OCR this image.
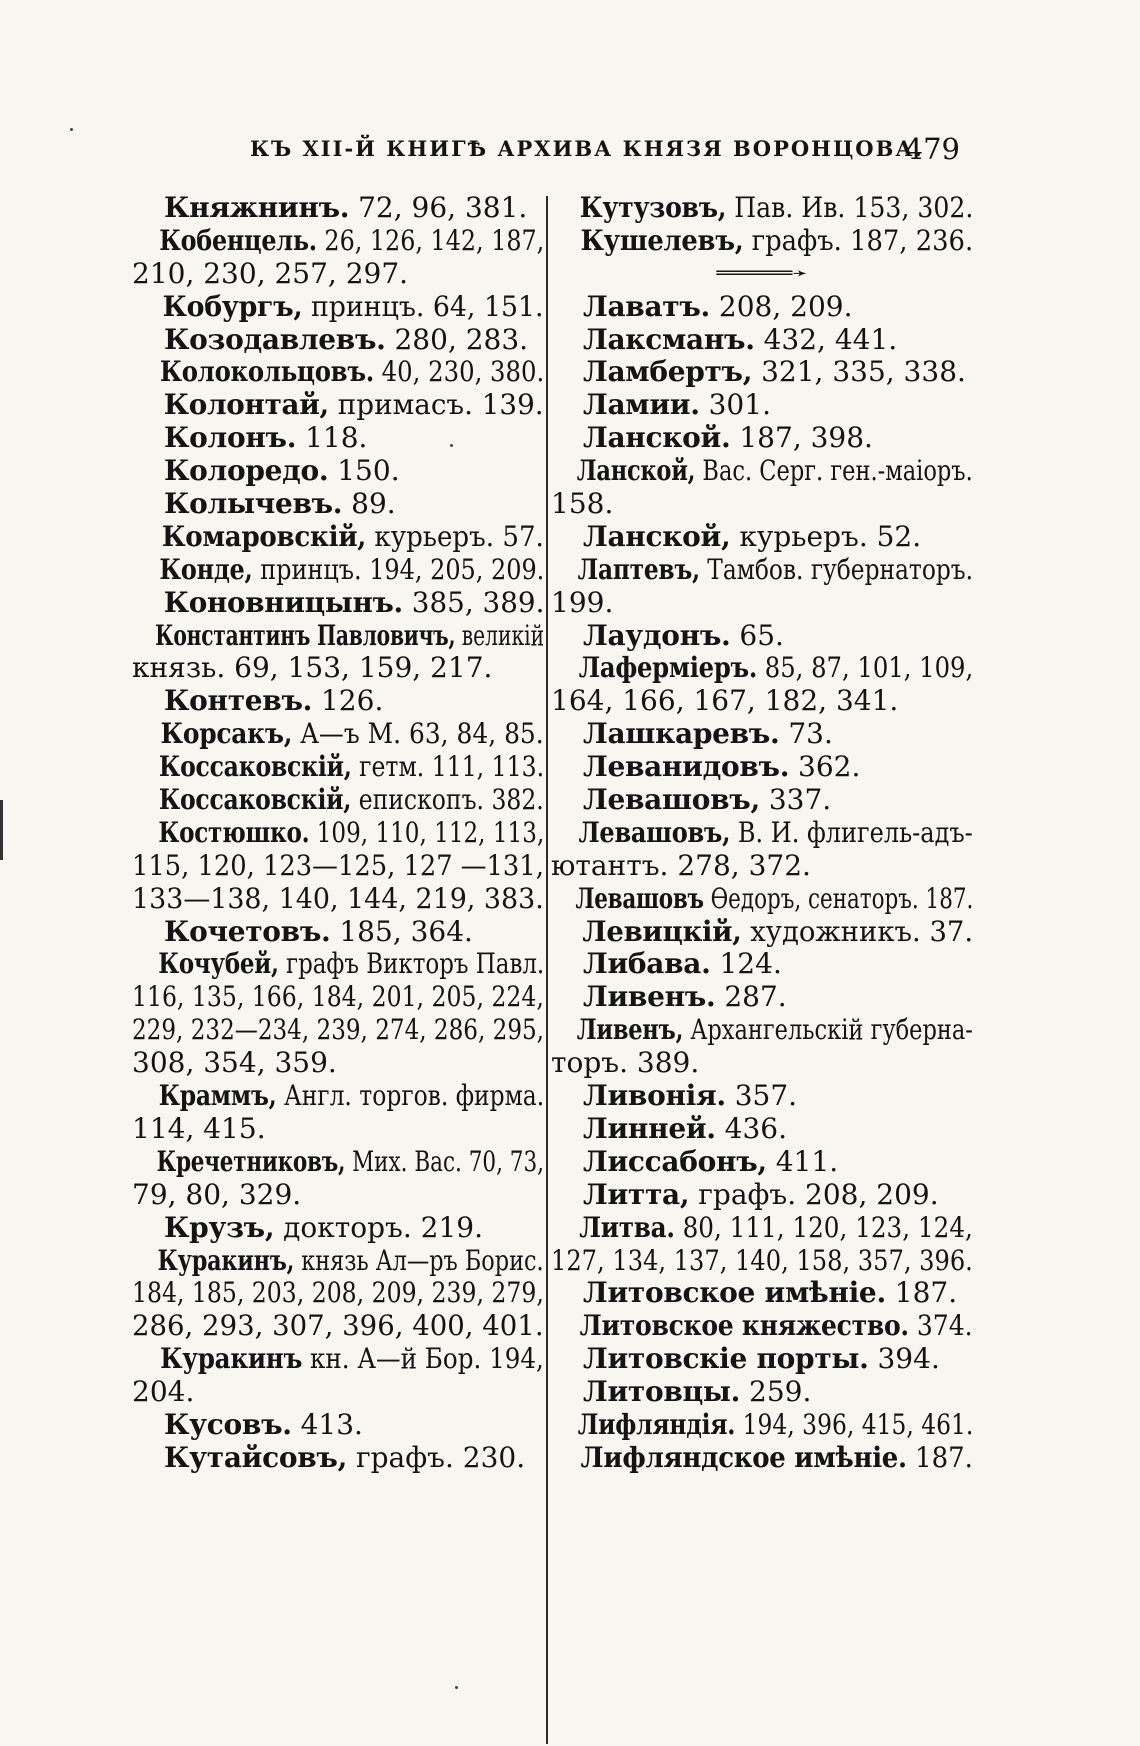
КЪ XII-Й КНИГѢ АРХИВА КНЯЗЯ ВОРОНЦОВА.
479
Княжнинъ. 72, 96, 381.
Кобенцель. 26, 126, 142, 187,
210, 230, 257, 297.
Кобургъ, принцъ. 64, 151.
Козодавлевъ. 280, 283.
Колокольцовъ. 40, 230, 380.
Колонтай, примасъ. 139.
Колонъ. 118.
Колоредо. 150.
Колычевъ. 89.
Комаровскій, курьеръ. 57.
Конде, принцъ. 194, 205, 209.
Коновницынъ. 385, 389.
Константинъ Павловичъ, великій
князь. 69, 153, 159, 217.
Контевъ. 126.
Корсакъ, А—ъ М. 63, 84, 85.
Коссаковскій, гетм. 111, 113.
Коссаковскій, епископъ. 382.
Костюшко. 109, 110, 112, 113,
115, 120, 123—125, 127 —131,
133—138, 140, 144, 219, 383.
Кочетовъ. 185, 364.
Кочубей, графъ Викторъ Павл.
116, 135, 166, 184, 201, 205, 224,
229, 232—234, 239, 274, 286, 295,
308, 354, 359.
Краммъ, Англ. торгов. фирма.
114, 415.
Кречетниковъ, Мих. Вас. 70, 73,
79, 80, 329.
Крузъ, докторъ. 219.
Куракинъ, князь Ал—ръ Борис.
184, 185, 203, 208, 209, 239, 279,
286, 293, 307, 396, 400, 401.
Куракинъ кн. А—й Бор. 194,
204.
Кусовъ. 413.
Кутайсовъ, графъ. 230.
Кутузовъ, Пав. Ив. 153, 302.
Кушелевъ, графъ. 187, 236.
═══════➛
Лаватъ. 208, 209.
Лаксманъ. 432, 441.
Ламбертъ, 321, 335, 338.
Ламии. 301.
Ланской. 187, 398.
Ланской, Вас. Серг. ген.-маіоръ.
158.
Ланской, курьеръ. 52.
Лаптевъ, Тамбов. губернаторъ.
199.
Лаудонъ. 65.
Лаферміеръ. 85, 87, 101, 109,
164, 166, 167, 182, 341.
Лашкаревъ. 73.
Леванидовъ. 362.
Левашовъ, 337.
Левашовъ, В. И. флигель-адъ-
ютантъ. 278, 372.
Левашовъ Ѳедоръ, сенаторъ. 187.
Левицкій, художникъ. 37.
Либава. 124.
Ливенъ. 287.
Ливенъ, Архангельскій губерна-
торъ. 389.
Ливонія. 357.
Линней. 436.
Лиссабонъ, 411.
Литта, графъ. 208, 209.
Литва. 80, 111, 120, 123, 124,
127, 134, 137, 140, 158, 357, 396.
Литовское имѣніе. 187.
Литовское княжество. 374.
Литовскіе порты. 394.
Литовцы. 259.
Лифляндія. 194, 396, 415, 461.
Лифляндское имѣніе. 187.
